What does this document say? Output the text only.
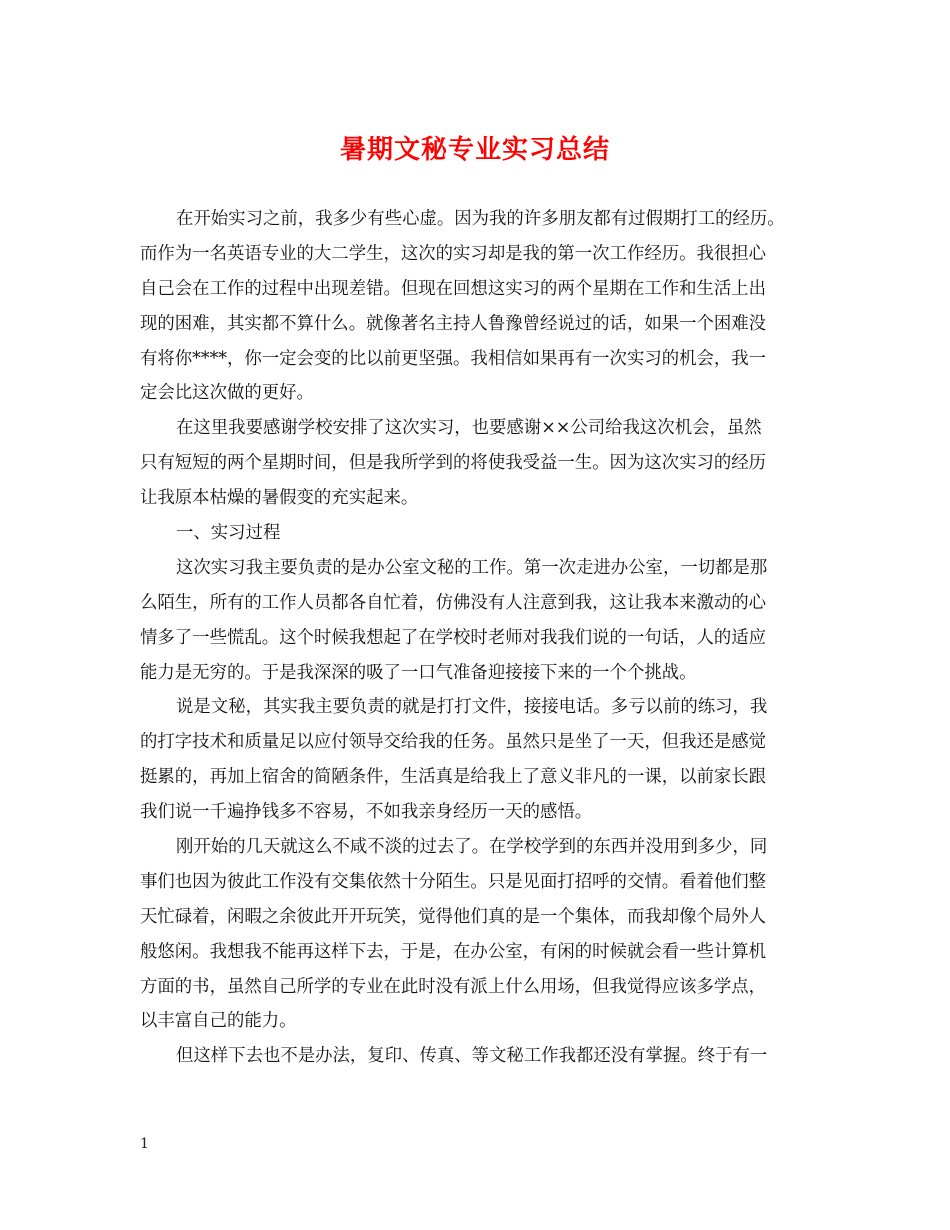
暑期文秘专业实习总结
在开始实习之前，我多少有些心虚。因为我的许多朋友都有过假期打工的经历。
而作为一名英语专业的大二学生，这次的实习却是我的第一次工作经历。我很担心
自己会在工作的过程中出现差错。但现在回想这实习的两个星期在工作和生活上出
现的困难，其实都不算什么。就像著名主持人鲁豫曾经说过的话，如果一个困难没
有将你****，你一定会变的比以前更坚强。我相信如果再有一次实习的机会，我一
定会比这次做的更好。
在这里我要感谢学校安排了这次实习，也要感谢××公司给我这次机会，虽然
只有短短的两个星期时间，但是我所学到的将使我受益一生。因为这次实习的经历
让我原本枯燥的暑假变的充实起来。
一、实习过程
这次实习我主要负责的是办公室文秘的工作。第一次走进办公室，一切都是那
么陌生，所有的工作人员都各自忙着，仿佛没有人注意到我，这让我本来激动的心
情多了一些慌乱。这个时候我想起了在学校时老师对我我们说的一句话，人的适应
能力是无穷的。于是我深深的吸了一口气准备迎接接下来的一个个挑战。
说是文秘，其实我主要负责的就是打打文件，接接电话。多亏以前的练习，我
的打字技术和质量足以应付领导交给我的任务。虽然只是坐了一天，但我还是感觉
挺累的，再加上宿舍的简陋条件，生活真是给我上了意义非凡的一课，以前家长跟
我们说一千遍挣钱多不容易，不如我亲身经历一天的感悟。
刚开始的几天就这么不咸不淡的过去了。在学校学到的东西并没用到多少，同
事们也因为彼此工作没有交集依然十分陌生。只是见面打招呼的交情。看着他们整
天忙碌着，闲暇之余彼此开开玩笑，觉得他们真的是一个集体，而我却像个局外人
般悠闲。我想我不能再这样下去，于是，在办公室，有闲的时候就会看一些计算机
方面的书，虽然自己所学的专业在此时没有派上什么用场，但我觉得应该多学点，
以丰富自己的能力。
但这样下去也不是办法，复印、传真、等文秘工作我都还没有掌握。终于有一
1
